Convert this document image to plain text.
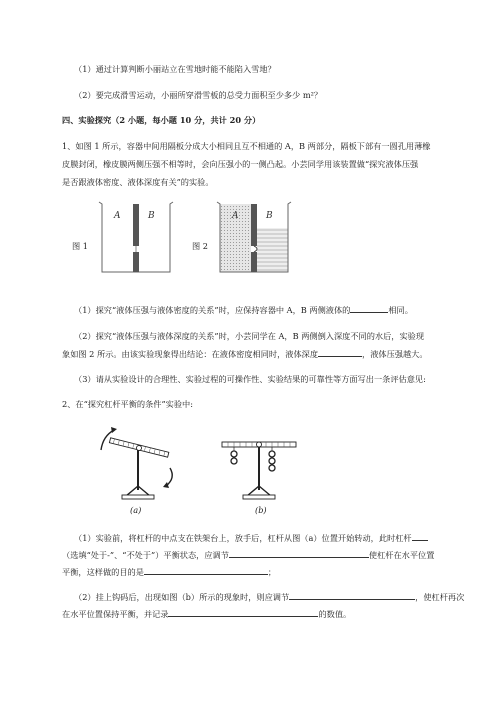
（1）通过计算判断小丽站立在雪地时能不能陷入雪地？
（2）要完成滑雪运动，小丽所穿滑雪板的总受力面积至少多少 m²？
四、实验探究（2 小题，每小题 10 分，共计 20 分）
1、如图 1 所示，容器中间用隔板分成大小相同且互不相通的 A，B 两部分，隔板下部有一圆孔用薄橡
皮膜封闭，橡皮膜两侧压强不相等时，会向压强小的一侧凸起。小芸同学用该装置做“探究液体压强
是否跟液体密度、液体深度有关”的实验。
图 1	图 2
A	B	A	B
（1）探究“液体压强与液体密度的关系”时，应保持容器中 A，B 两侧液体的	相同。
（2）探究“液体压强与液体深度的关系”时，小芸同学在 A，B 两侧倒入深度不同的水后，实验现
象如图 2 所示。由该实验现象得出结论：在液体密度相同时，液体深度	，液体压强越大。
（3）请从实验设计的合理性、实验过程的可操作性、实验结果的可靠性等方面写出一条评估意见:
2、在“探究杠杆平衡的条件”实验中:
(a)	(b)
（1）实验前，将杠杆的中点支在铁架台上，放手后，杠杆从图（a）位置开始转动，此时杠杆
（选填“处于-”、“不处于”）平衡状态，应调节	使杠杆在水平位置
平衡，这样做的目的是	；
（2）挂上钩码后，出现如图（b）所示的现象时，则应调节	，使杠杆再次
在水平位置保持平衡，并记录	的数值。
